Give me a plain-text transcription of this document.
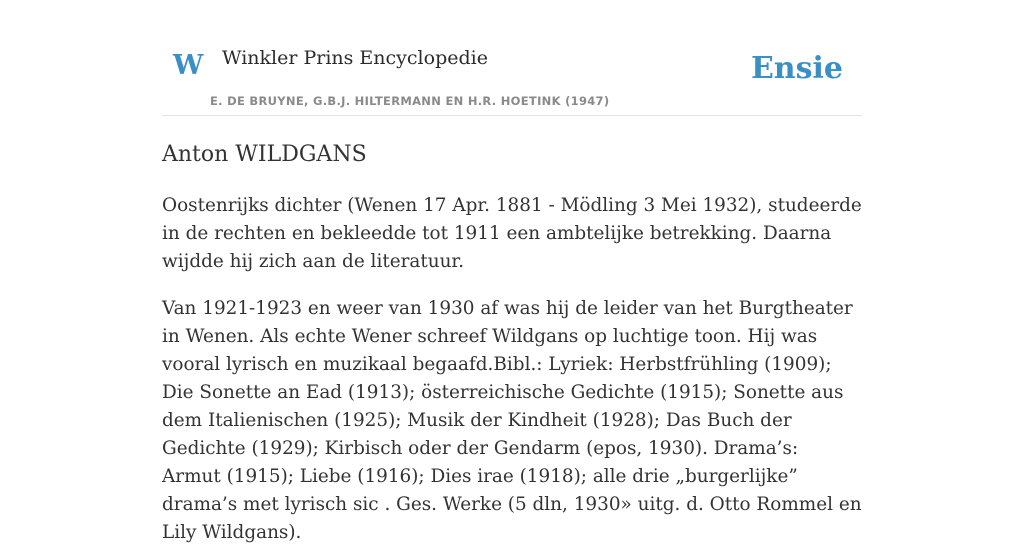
W Winkler Prins Encyclopedie
E. DE BRUYNE, G.B.J. HILTERMANN EN H.R. HOETINK (1947)
Ensie
Anton WILDGANS

Oostenrijks dichter (Wenen 17 Apr. 1881 - Mödling 3 Mei 1932), studeerde in de rechten en bekleedde tot 1911 een ambtelijke betrekking. Daarna wijdde hij zich aan de literatuur.

Van 1921-1923 en weer van 1930 af was hij de leider van het Burgtheater in Wenen. Als echte Wener schreef Wildgans op luchtige toon. Hij was vooral lyrisch en muzikaal begaafd.Bibl.: Lyriek: Herbstfrühling (1909); Die Sonette an Ead (1913); österreichische Gedichte (1915); Sonette aus dem Italienischen (1925); Musik der Kindheit (1928); Das Buch der Gedichte (1929); Kirbisch oder der Gendarm (epos, 1930). Drama’s: Armut (1915); Liebe (1916); Dies irae (1918); alle drie „burgerlijke” drama’s met lyrisch sic . Ges. Werke (5 dln, 1930» uitg. d. Otto Rommel en Lily Wildgans).
